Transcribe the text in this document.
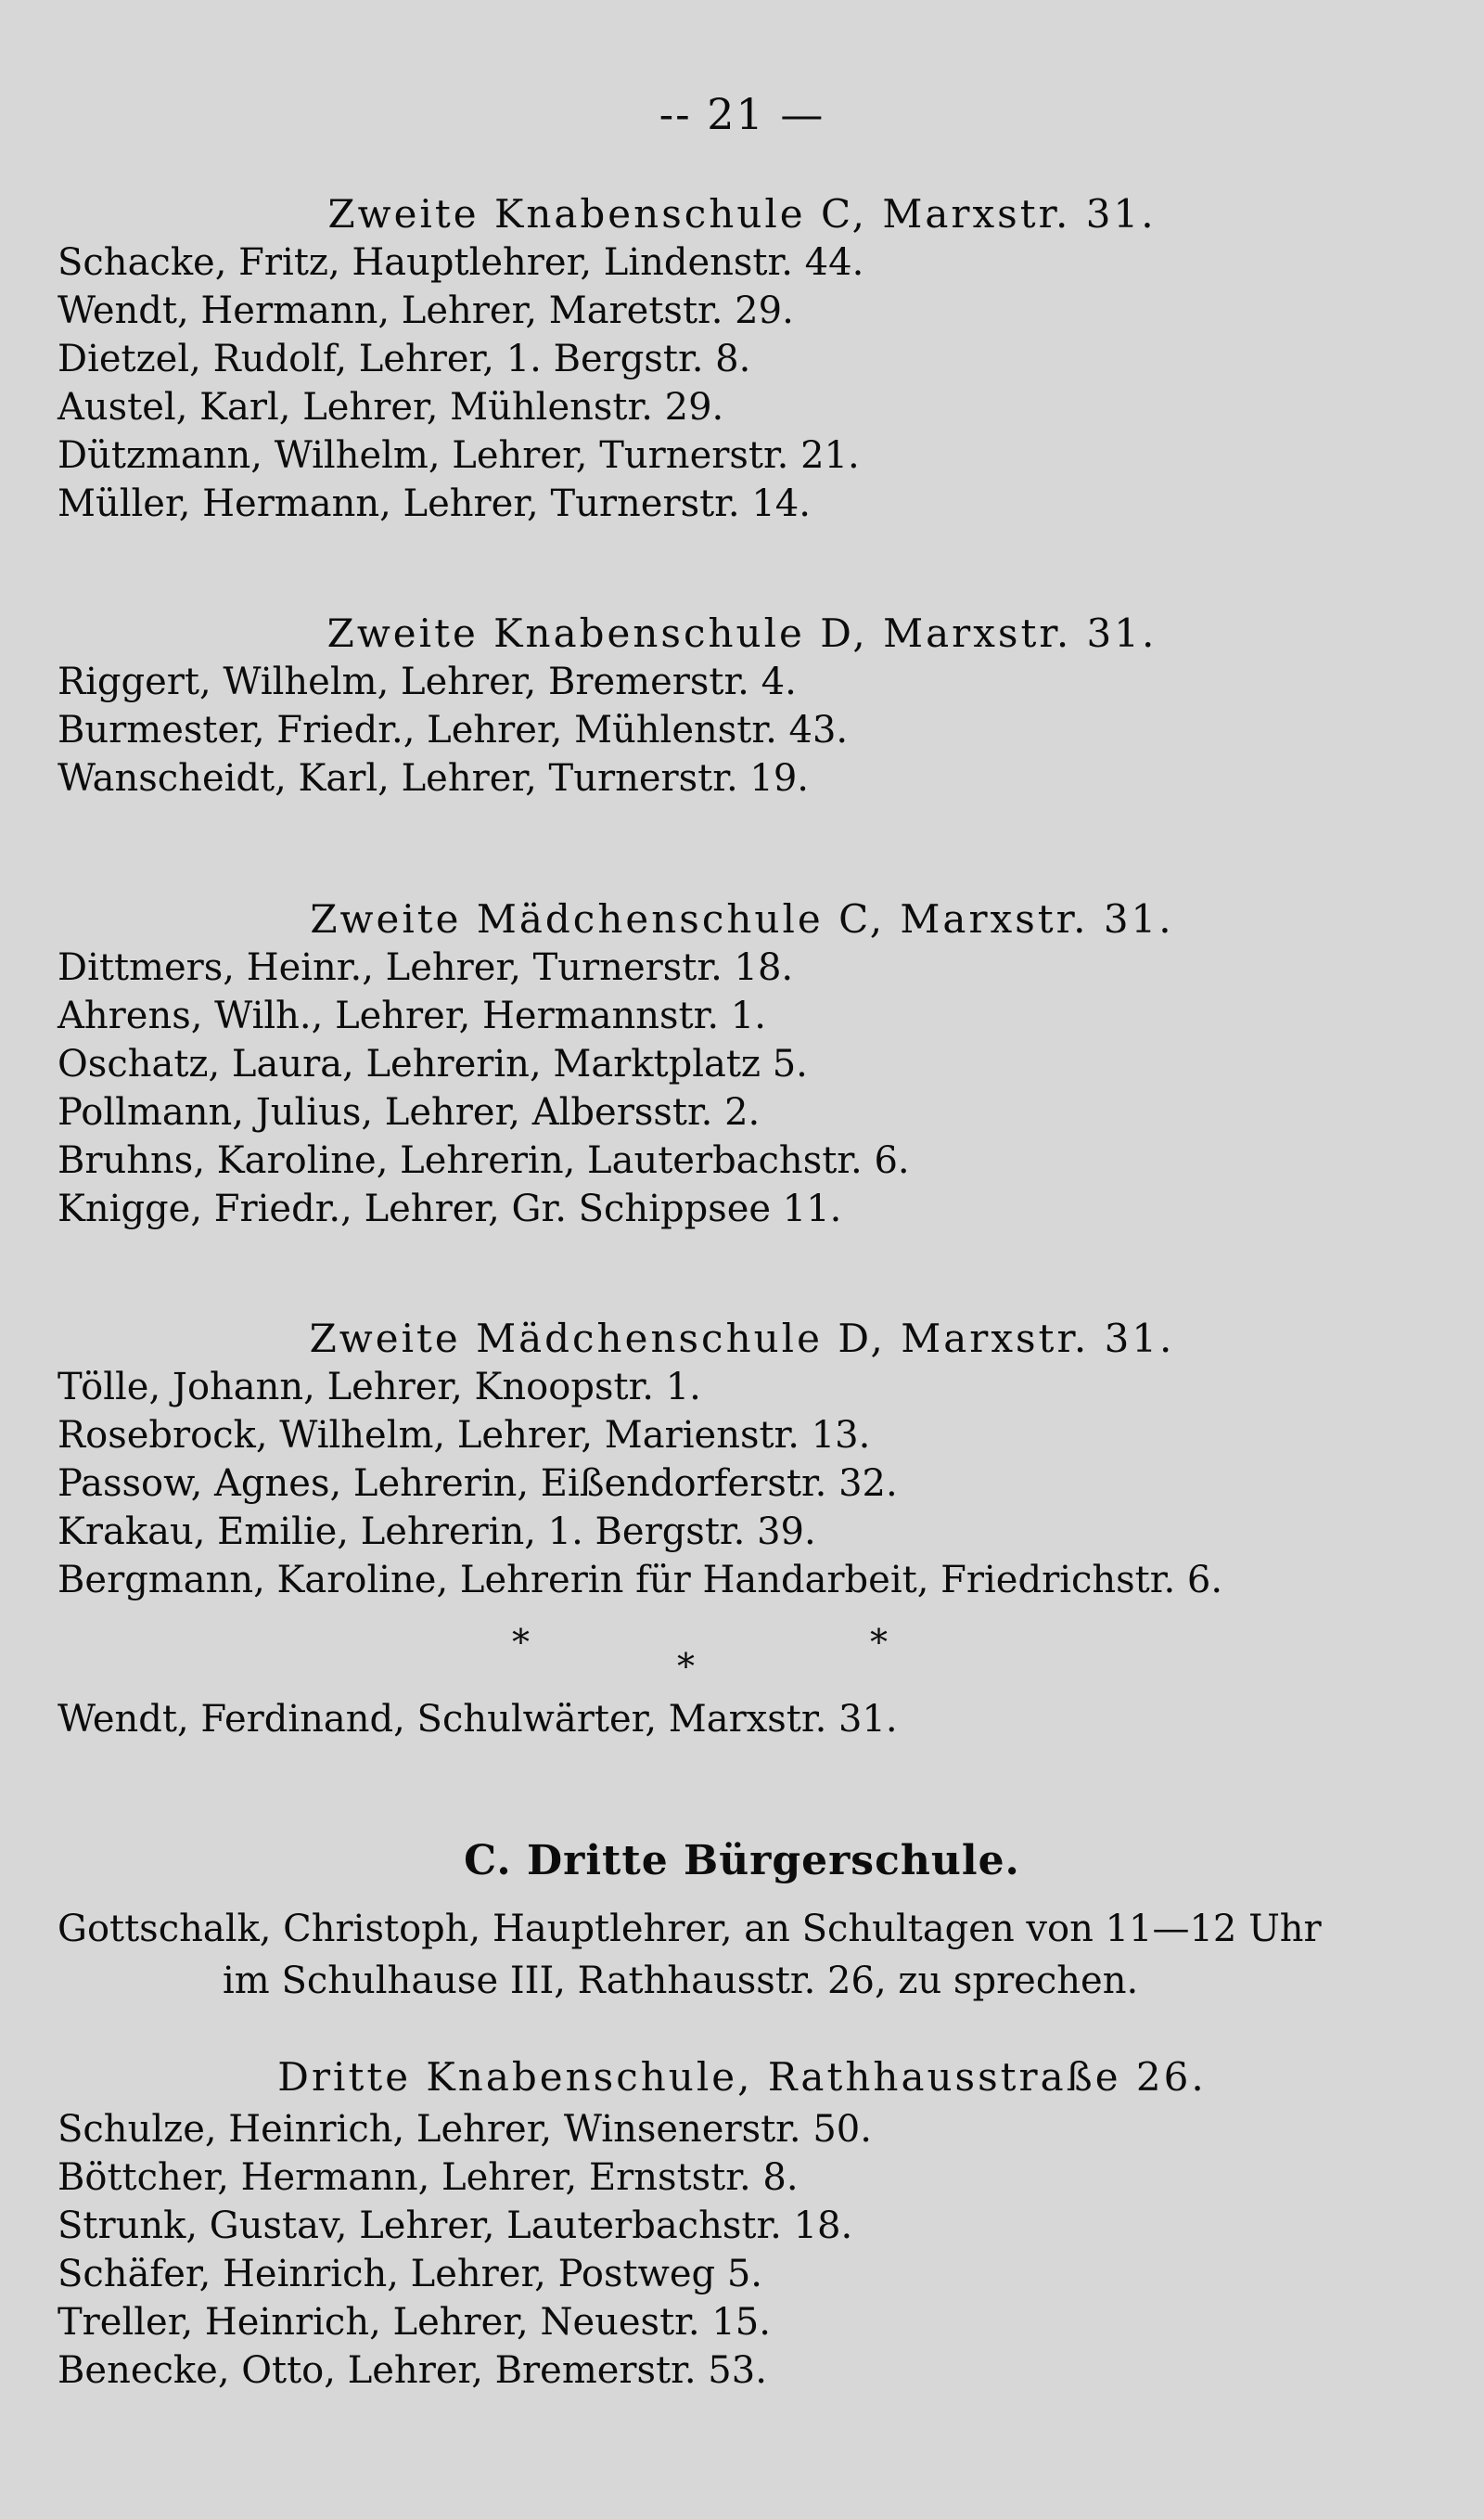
-- 21 —
Zweite Knabenschule C, Marxstr. 31.
Schacke, Fritz, Hauptlehrer, Lindenstr. 44.
Wendt, Hermann, Lehrer, Maretstr. 29.
Dietzel, Rudolf, Lehrer, 1. Bergstr. 8.
Austel, Karl, Lehrer, Mühlenstr. 29.
Dützmann, Wilhelm, Lehrer, Turnerstr. 21.
Müller, Hermann, Lehrer, Turnerstr. 14.
Zweite Knabenschule D, Marxstr. 31.
Riggert, Wilhelm, Lehrer, Bremerstr. 4.
Burmester, Friedr., Lehrer, Mühlenstr. 43.
Wanscheidt, Karl, Lehrer, Turnerstr. 19.
Zweite Mädchenschule C, Marxstr. 31.
Dittmers, Heinr., Lehrer, Turnerstr. 18.
Ahrens, Wilh., Lehrer, Hermannstr. 1.
Oschatz, Laura, Lehrerin, Marktplatz 5.
Pollmann, Julius, Lehrer, Albersstr. 2.
Bruhns, Karoline, Lehrerin, Lauterbachstr. 6.
Knigge, Friedr., Lehrer, Gr. Schippsee 11.
Zweite Mädchenschule D, Marxstr. 31.
Tölle, Johann, Lehrer, Knoopstr. 1.
Rosebrock, Wilhelm, Lehrer, Marienstr. 13.
Passow, Agnes, Lehrerin, Eißendorferstr. 32.
Krakau, Emilie, Lehrerin, 1. Bergstr. 39.
Bergmann, Karoline, Lehrerin für Handarbeit, Friedrichstr. 6.
*
*
*
Wendt, Ferdinand, Schulwärter, Marxstr. 31.
C. Dritte Bürgerschule.
Gottschalk, Christoph, Hauptlehrer, an Schultagen von 11—12 Uhr
im Schulhause III, Rathhausstr. 26, zu sprechen.
Dritte Knabenschule, Rathhausstraße 26.
Schulze, Heinrich, Lehrer, Winsenerstr. 50.
Böttcher, Hermann, Lehrer, Ernststr. 8.
Strunk, Gustav, Lehrer, Lauterbachstr. 18.
Schäfer, Heinrich, Lehrer, Postweg 5.
Treller, Heinrich, Lehrer, Neuestr. 15.
Benecke, Otto, Lehrer, Bremerstr. 53.
